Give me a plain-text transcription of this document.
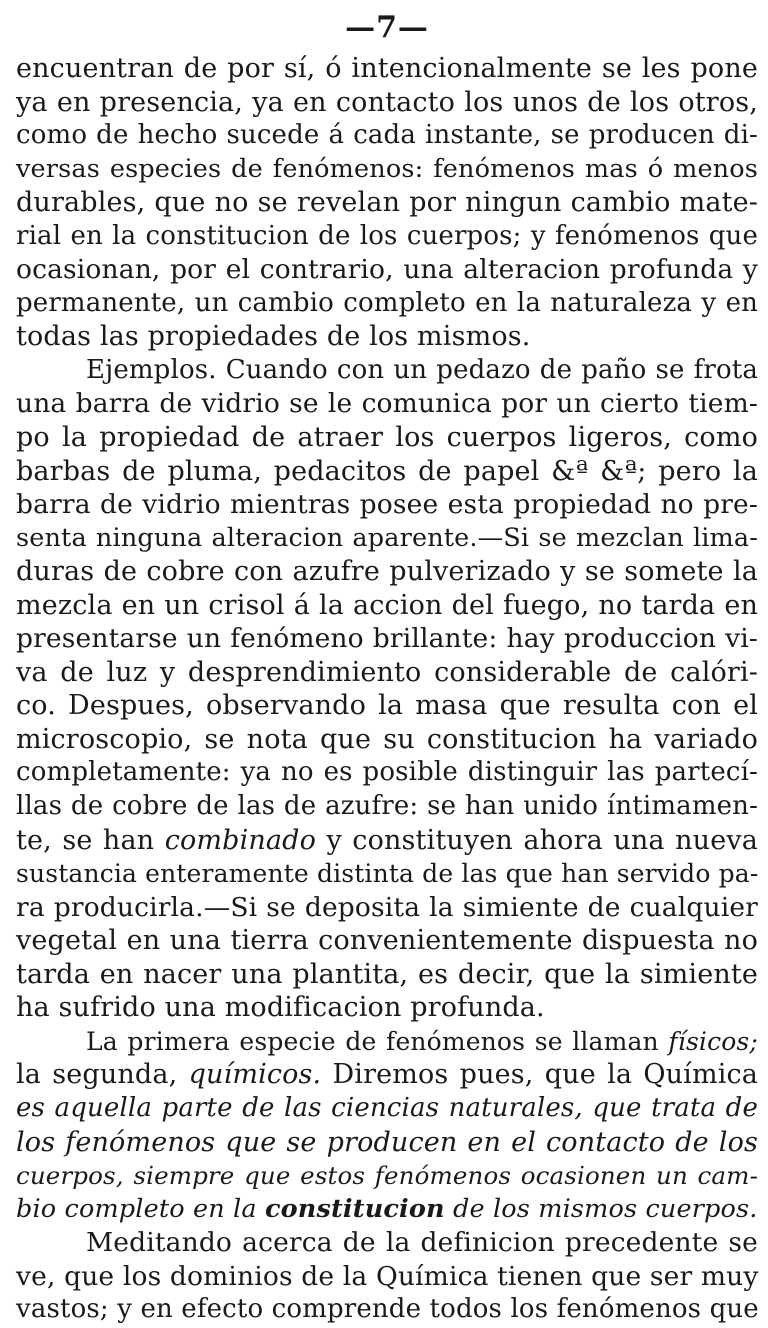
—7—
encuentran de por sí, ó intencionalmente se les pone
ya en presencia, ya en contacto los unos de los otros,
como de hecho sucede á cada instante, se producen di-
versas especies de fenómenos: fenómenos mas ó menos
durables, que no se revelan por ningun cambio mate-
rial en la constitucion de los cuerpos; y fenómenos que
ocasionan, por el contrario, una alteracion profunda y
permanente, un cambio completo en la naturaleza y en
todas las propiedades de los mismos.
Ejemplos. Cuando con un pedazo de paño se frota
una barra de vidrio se le comunica por un cierto tiem-
po la propiedad de atraer los cuerpos ligeros, como
barbas de pluma, pedacitos de papel &ª &ª; pero la
barra de vidrio mientras posee esta propiedad no pre-
senta ninguna alteracion aparente.—Si se mezclan lima-
duras de cobre con azufre pulverizado y se somete la
mezcla en un crisol á la accion del fuego, no tarda en
presentarse un fenómeno brillante: hay produccion vi-
va de luz y desprendimiento considerable de calóri-
co. Despues, observando la masa que resulta con el
microscopio, se nota que su constitucion ha variado
completamente: ya no es posible distinguir las partecí-
llas de cobre de las de azufre: se han unido íntimamen-
te, se han combinado y constituyen ahora una nueva
sustancia enteramente distinta de las que han servido pa-
ra producirla.—Si se deposita la simiente de cualquier
vegetal en una tierra convenientemente dispuesta no
tarda en nacer una plantita, es decir, que la simiente
ha sufrido una modificacion profunda.
La primera especie de fenómenos se llaman físicos;
la segunda, químicos. Diremos pues, que la Química
es aquella parte de las ciencias naturales, que trata de
los fenómenos que se producen en el contacto de los
cuerpos, siempre que estos fenómenos ocasionen un cam-
bio completo en la constitucion de los mismos cuerpos.
Meditando acerca de la definicion precedente se
ve, que los dominios de la Química tienen que ser muy
vastos; y en efecto comprende todos los fenómenos que
